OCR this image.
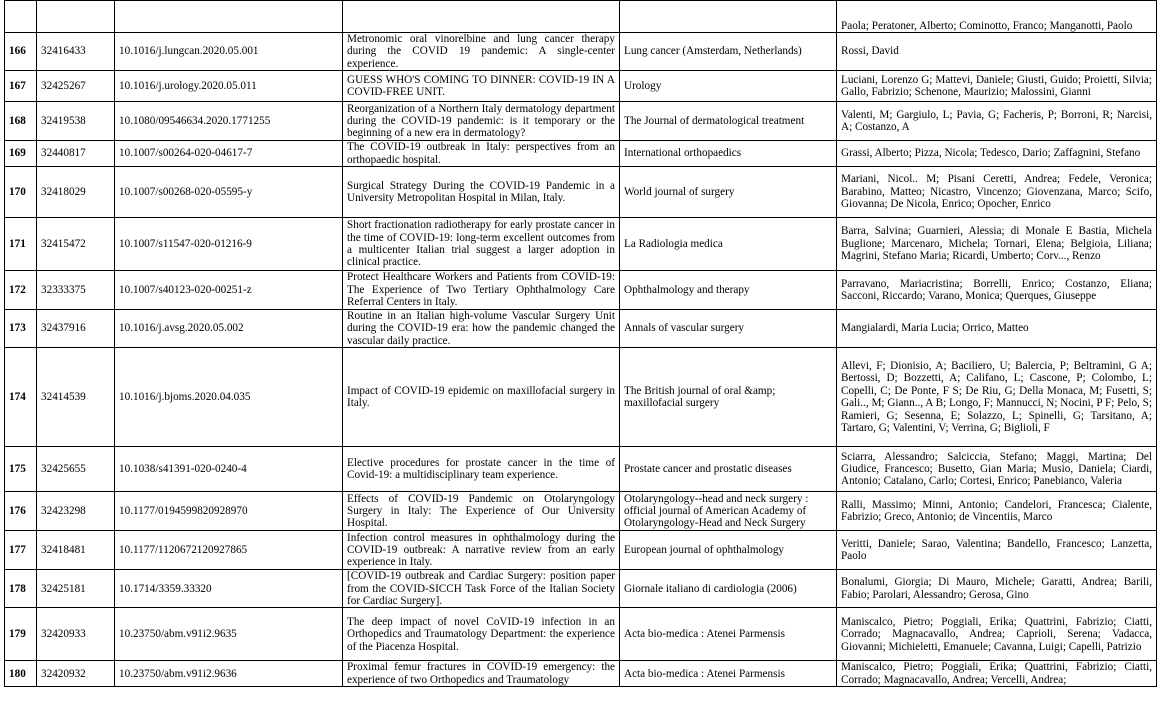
					Paola; Peratoner, Alberto; Cominotto, Franco; Manganotti, Paolo
166	32416433	10.1016/j.lungcan.2020.05.001	Metronomic oral vinorelbine and lung cancer therapy during the COVID 19 pandemic: A single-center experience.	Lung cancer (Amsterdam, Netherlands)	Rossi, David
167	32425267	10.1016/j.urology.2020.05.011	GUESS WHO'S COMING TO DINNER: COVID-19 IN A COVID-FREE UNIT.	Urology	Luciani, Lorenzo G; Mattevi, Daniele; Giusti, Guido; Proietti, Silvia; Gallo, Fabrizio; Schenone, Maurizio; Malossini, Gianni
168	32419538	10.1080/09546634.2020.1771255	Reorganization of a Northern Italy dermatology department during the COVID-19 pandemic: is it temporary or the beginning of a new era in dermatology?	The Journal of dermatological treatment	Valenti, M; Gargiulo, L; Pavia, G; Facheris, P; Borroni, R; Narcisi, A; Costanzo, A
169	32440817	10.1007/s00264-020-04617-7	The COVID-19 outbreak in Italy: perspectives from an orthopaedic hospital.	International orthopaedics	Grassi, Alberto; Pizza, Nicola; Tedesco, Dario; Zaffagnini, Stefano
170	32418029	10.1007/s00268-020-05595-y	Surgical Strategy During the COVID-19 Pandemic in a University Metropolitan Hospital in Milan, Italy.	World journal of surgery	Mariani, Nicol.. M; Pisani Ceretti, Andrea; Fedele, Veronica; Barabino, Matteo; Nicastro, Vincenzo; Giovenzana, Marco; Scifo, Giovanna; De Nicola, Enrico; Opocher, Enrico
171	32415472	10.1007/s11547-020-01216-9	Short fractionation radiotherapy for early prostate cancer in the time of COVID-19: long-term excellent outcomes from a multicenter Italian trial suggest a larger adoption in clinical practice.	La Radiologia medica	Barra, Salvina; Guarnieri, Alessia; di Monale E Bastia, Michela Buglione; Marcenaro, Michela; Tornari, Elena; Belgioia, Liliana; Magrini, Stefano Maria; Ricardi, Umberto; Corv..., Renzo
172	32333375	10.1007/s40123-020-00251-z	Protect Healthcare Workers and Patients from COVID-19: The Experience of Two Tertiary Ophthalmology Care Referral Centers in Italy.	Ophthalmology and therapy	Parravano, Mariacristina; Borrelli, Enrico; Costanzo, Eliana; Sacconi, Riccardo; Varano, Monica; Querques, Giuseppe
173	32437916	10.1016/j.avsg.2020.05.002	Routine in an Italian high-volume Vascular Surgery Unit during the COVID-19 era: how the pandemic changed the vascular daily practice.	Annals of vascular surgery	Mangialardi, Maria Lucia; Orrico, Matteo
174	32414539	10.1016/j.bjoms.2020.04.035	Impact of COVID-19 epidemic on maxillofacial surgery in Italy.	The British journal of oral &amp; maxillofacial surgery	Allevi, F; Dionisio, A; Baciliero, U; Balercia, P; Beltramini, G A; Bertossi, D; Bozzetti, A; Califano, L; Cascone, P; Colombo, L; Copelli, C; De Ponte, F S; De Riu, G; Della Monaca, M; Fusetti, S; Gali.., M; Giann.., A B; Longo, F; Mannucci, N; Nocini, P F; Pelo, S; Ramieri, G; Sesenna, E; Solazzo, L; Spinelli, G; Tarsitano, A; Tartaro, G; Valentini, V; Verrina, G; Biglioli, F
175	32425655	10.1038/s41391-020-0240-4	Elective procedures for prostate cancer in the time of Covid-19: a multidisciplinary team experience.	Prostate cancer and prostatic diseases	Sciarra, Alessandro; Salciccia, Stefano; Maggi, Martina; Del Giudice, Francesco; Busetto, Gian Maria; Musio, Daniela; Ciardi, Antonio; Catalano, Carlo; Cortesi, Enrico; Panebianco, Valeria
176	32423298	10.1177/0194599820928970	Effects of COVID-19 Pandemic on Otolaryngology Surgery in Italy: The Experience of Our University Hospital.	Otolaryngology--head and neck surgery : official journal of American Academy of Otolaryngology-Head and Neck Surgery	Ralli, Massimo; Minni, Antonio; Candelori, Francesca; Cialente, Fabrizio; Greco, Antonio; de Vincentiis, Marco
177	32418481	10.1177/1120672120927865	Infection control measures in ophthalmology during the COVID-19 outbreak: A narrative review from an early experience in Italy.	European journal of ophthalmology	Veritti, Daniele; Sarao, Valentina; Bandello, Francesco; Lanzetta, Paolo
178	32425181	10.1714/3359.33320	[COVID-19 outbreak and Cardiac Surgery: position paper from the COVID-SICCH Task Force of the Italian Society for Cardiac Surgery].	Giornale italiano di cardiologia (2006)	Bonalumi, Giorgia; Di Mauro, Michele; Garatti, Andrea; Barili, Fabio; Parolari, Alessandro; Gerosa, Gino
179	32420933	10.23750/abm.v91i2.9635	The deep impact of novel CoVID-19 infection in an Orthopedics and Traumatology Department: the experience of the Piacenza Hospital.	Acta bio-medica : Atenei Parmensis	Maniscalco, Pietro; Poggiali, Erika; Quattrini, Fabrizio; Ciatti, Corrado; Magnacavallo, Andrea; Caprioli, Serena; Vadacca, Giovanni; Michieletti, Emanuele; Cavanna, Luigi; Capelli, Patrizio
180	32420932	10.23750/abm.v91i2.9636	Proximal femur fractures in COVID-19 emergency: the experience of two Orthopedics and Traumatology	Acta bio-medica : Atenei Parmensis	Maniscalco, Pietro; Poggiali, Erika; Quattrini, Fabrizio; Ciatti, Corrado; Magnacavallo, Andrea; Vercelli, Andrea;
